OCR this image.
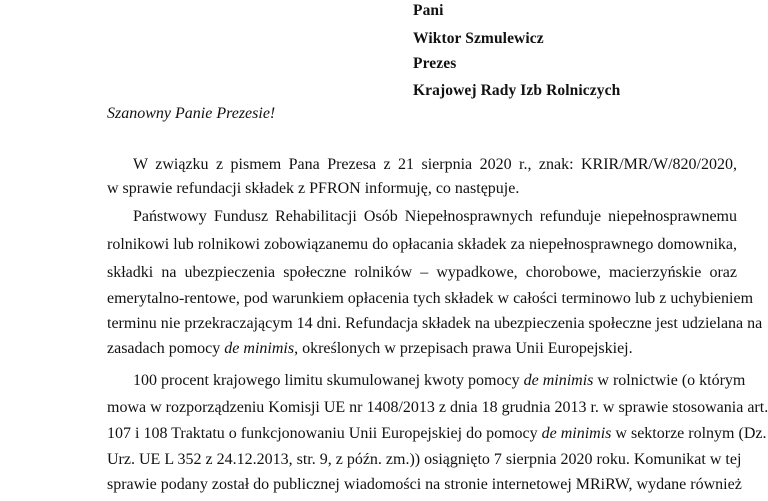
Pani
Wiktor Szmulewicz
Prezes
Krajowej Rady Izb Rolniczych
Szanowny Panie Prezesie!
W związku z pismem Pana Prezesa z 21 sierpnia 2020 r., znak: KRIR/MR/W/820/2020,
w sprawie refundacji składek z PFRON informuję, co następuje.
Państwowy Fundusz Rehabilitacji Osób Niepełnosprawnych refunduje niepełnosprawnemu
rolnikowi lub rolnikowi zobowiązanemu do opłacania składek za niepełnosprawnego domownika,
składki na ubezpieczenia społeczne rolników – wypadkowe, chorobowe, macierzyńskie oraz
emerytalno-rentowe, pod warunkiem opłacenia tych składek w całości terminowo lub z uchybieniem
terminu nie przekraczającym 14 dni. Refundacja składek na ubezpieczenia społeczne jest udzielana na
zasadach pomocy de minimis, określonych w przepisach prawa Unii Europejskiej.
100 procent krajowego limitu skumulowanej kwoty pomocy de minimis w rolnictwie (o którym
mowa w rozporządzeniu Komisji UE nr 1408/2013 z dnia 18 grudnia 2013 r. w sprawie stosowania art.
107 i 108 Traktatu o funkcjonowaniu Unii Europejskiej do pomocy de minimis w sektorze rolnym (Dz.
Urz. UE L 352 z 24.12.2013, str. 9, z późn. zm.)) osiągnięto 7 sierpnia 2020 roku. Komunikat w tej
sprawie podany został do publicznej wiadomości na stronie internetowej MRiRW, wydane również
